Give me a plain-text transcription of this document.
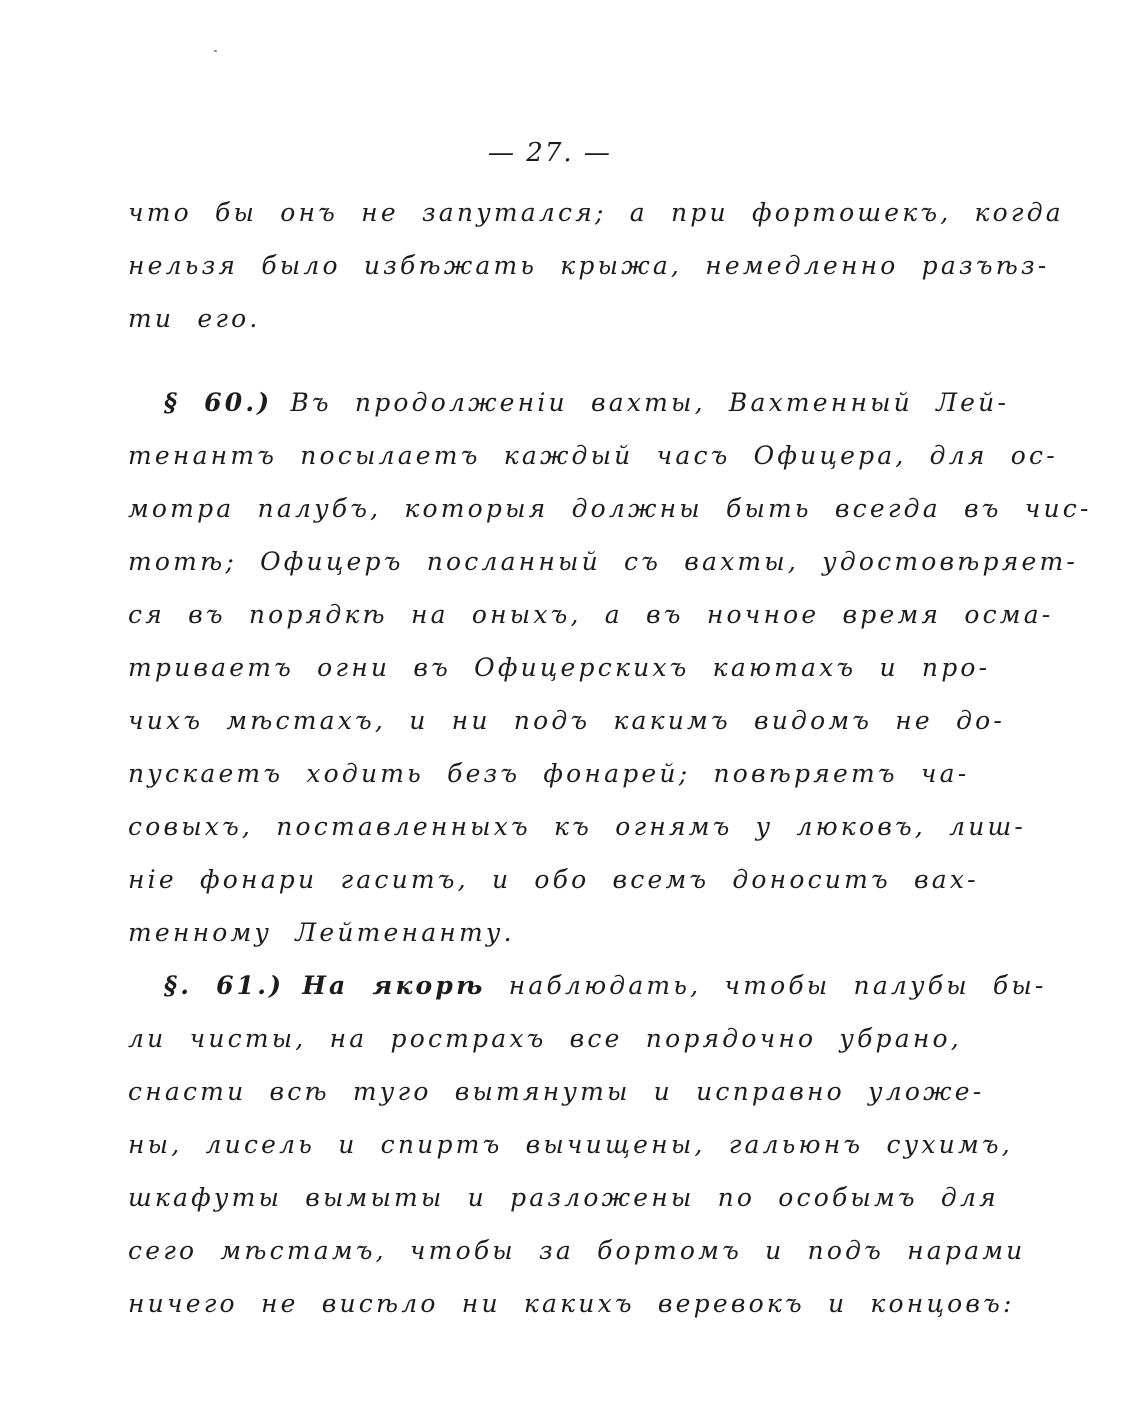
— 27. —
что бы онъ не запутался; а при фортошекъ, когда
нельзя было избѣжать крыжа, немедленно разъѣз-
ти его.
§ 60.) Въ продолженіи вахты, Вахтенный Лей-
тенантъ посылаетъ каждый часъ Офицера, для ос-
мотра палубъ, которыя должны быть всегда въ чис-
тотѣ; Офицеръ посланный съ вахты, удостовѣряет-
ся въ порядкѣ на оныхъ, а въ ночное время осма-
триваетъ огни въ Офицерскихъ каютахъ и про-
чихъ мѣстахъ, и ни подъ какимъ видомъ не до-
пускаетъ ходить безъ фонарей; повѣряетъ ча-
совыхъ, поставленныхъ къ огнямъ у люковъ, лиш-
ніе фонари гаситъ, и обо всемъ доноситъ вах-
тенному Лейтенанту.
§. 61.) На якорѣ наблюдать, чтобы палубы бы-
ли чисты, на рострахъ все порядочно убрано,
снасти всѣ туго вытянуты и исправно уложе-
ны, лисель и спиртъ вычищены, гальюнъ сухимъ,
шкафуты вымыты и разложены по особымъ для
сего мѣстамъ, чтобы за бортомъ и подъ нарами
ничего не висѣло ни какихъ веревокъ и концовъ:
